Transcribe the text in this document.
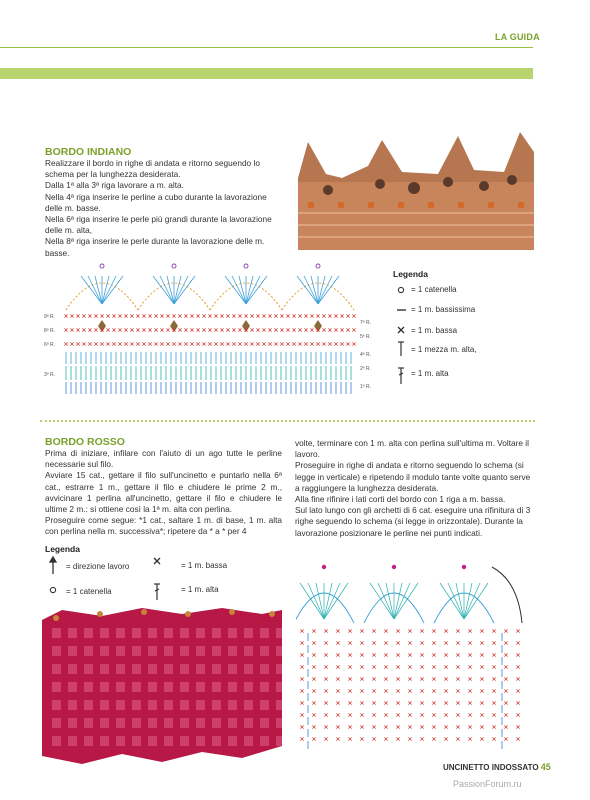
LA GUIDA
BORDO INDIANO

Realizzare il bordo in righe di andata e ritorno seguendo lo schema per la lunghezza desiderata.

Dalla 1ª alla 3ª riga lavorare a m. alta.

Nella 4ª riga inserire le perline a cubo durante la lavorazione delle m. basse.

Nella 6ª riga inserire le perle più grandi durante la lavorazione delle m. alta,

Nella 8ª riga inserire le perle durante la lavorazione delle m. basse.

9ª R.
8ª R.
6ª R.
3ª R.
7ª R.
5ª R.
4ª R.
2ª R.
1ª R.
Legenda
= 1 catenella
= 1 m. bassissima
= 1 m. bassa
= 1 mezza m. alta,
= 1 m. alta
BORDO ROSSO

Prima di iniziare, infilare con l'aiuto di un ago tutte le perline necessarie sul filo.

Avviare 15 cat., gettare il filo sull'uncinetto e puntarlo nella 6ª cat., estrarre 1 m., gettare il filo e chiudere le prime 2 m., avvicinare 1 perlina all'uncinetto, gettare il filo e chiudere le ultime 2 m.: si ottiene così la 1ª m. alta con perlina.

Proseguire come segue: *1 cat., saltare 1 m. di base, 1 m. alta con perlina nella m. successiva*; ripetere da * a * per 4

volte, terminare con 1 m. alta con perlina sull'ultima m. Voltare il lavoro.

Proseguire in righe di andata e ritorno seguendo lo schema (si legge in verticale) e ripetendo il modulo tante volte quanto serve a raggiungere la lunghezza desiderata.

Alla fine rifinire i lati corti del bordo con 1 riga a m. bassa.

Sul lato lungo con gli archetti di 6 cat. eseguire una rifinitura di 3 righe seguendo lo schema (si legge in orizzontale). Durante la lavorazione posizionare le perline nei punti indicati.

Legenda
= direzione lavoro
= 1 catenella
= 1 m. bassa
= 1 m. alta
UNCINETTO INDOSSATO 45
PassionForum.ru
